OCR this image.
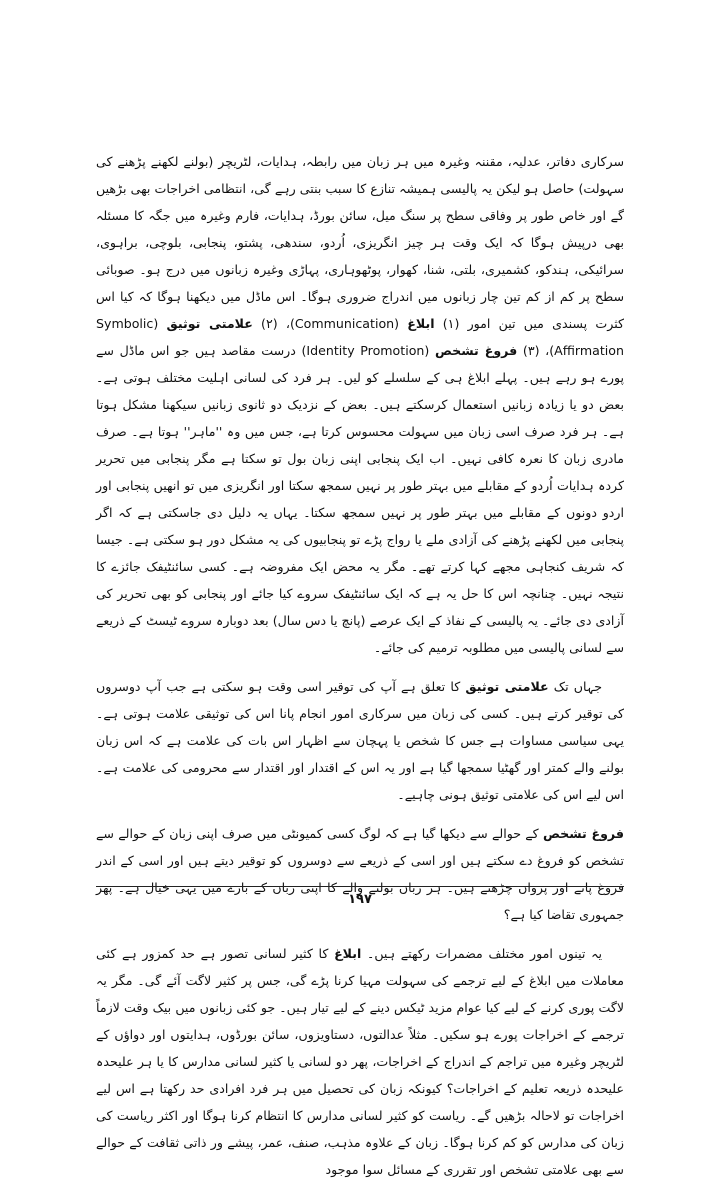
سرکاری دفاتر، عدلیہ، مقننہ وغیرہ میں ہر زبان میں رابطہ، ہدایات، لٹریچر (بولنے لکھنے پڑھنے کی سہولت) حاصل ہو لیکن یہ پالیسی ہمیشہ تنازع کا سبب بنتی رہے گی، انتظامی اخراجات بھی بڑھیں گے اور خاص طور پر وفاقی سطح پر سنگ میل، سائن بورڈ، ہدایات، فارم وغیرہ میں جگہ کا مسئلہ بھی درپیش ہوگا کہ ایک وقت ہر چیز انگریزی، اُردو، سندھی، پشتو، پنجابی، بلوچی، براہوی، سرائیکی، ہندکو، کشمیری، بلتی، شنا، کھوار، پوٹھوہاری، پہاڑی وغیرہ زبانوں میں درج ہو۔ صوبائی سطح پر کم از کم تین چار زبانوں میں اندراج ضروری ہوگا۔ اس ماڈل میں دیکھنا ہوگا کہ کیا اس کثرت پسندی میں تین امور (۱) ابلاغ (Communication)، (۲) علامتی توثیق (Symbolic Affirmation)، (۳) فروغ تشخص (Identity Promotion) درست مقاصد ہیں جو اس ماڈل سے پورے ہو رہے ہیں۔ پہلے ابلاغ ہی کے سلسلے کو لیں۔ ہر فرد کی لسانی اہلیت مختلف ہوتی ہے۔ بعض دو یا زیادہ زبانیں استعمال کرسکتے ہیں۔ بعض کے نزدیک دو ثانوی زبانیں سیکھنا مشکل ہوتا ہے۔ ہر فرد صرف اسی زبان میں سہولت محسوس کرتا ہے، جس میں وہ ''ماہر'' ہوتا ہے۔ صرف مادری زبان کا نعرہ کافی نہیں۔ اب ایک پنجابی اپنی زبان بول تو سکتا ہے مگر پنجابی میں تحریر کردہ ہدایات اُردو کے مقابلے میں بہتر طور پر نہیں سمجھ سکتا اور انگریزی میں تو انھیں پنجابی اور اردو دونوں کے مقابلے میں بہتر طور پر نہیں سمجھ سکتا۔ یہاں یہ دلیل دی جاسکتی ہے کہ اگر پنجابی میں لکھنے پڑھنے کی آزادی ملے یا رواج پڑے تو پنجابیوں کی یہ مشکل دور ہو سکتی ہے۔ جیسا کہ شریف کنجاہی مجھے کہا کرتے تھے۔ مگر یہ محض ایک مفروضہ ہے۔ کسی سائنٹیفک جائزے کا نتیجہ نہیں۔ چنانچہ اس کا حل یہ ہے کہ ایک سائنٹیفک سروے کیا جائے اور پنجابی کو بھی تحریر کی آزادی دی جائے۔ یہ پالیسی کے نفاذ کے ایک عرصے (پانچ یا دس سال) بعد دوبارہ سروے ٹیسٹ کے ذریعے سے لسانی پالیسی میں مطلوبہ ترمیم کی جائے۔

جہاں تک علامتی توثیق کا تعلق ہے آپ کی توقیر اسی وقت ہو سکتی ہے جب آپ دوسروں کی توقیر کرتے ہیں۔ کسی کی زبان میں سرکاری امور انجام پانا اس کی توثیقی علامت ہوتی ہے۔ یہی سیاسی مساوات ہے جس کا شخص یا پہچان سے اظہار اس بات کی علامت ہے کہ اس زبان بولنے والے کمتر اور گھٹیا سمجھا گیا ہے اور یہ اس کے اقتدار اور اقتدار سے محرومی کی علامت ہے۔ اس لیے اس کی علامتی توثیق ہونی چاہیے۔

فروغ تشخص کے حوالے سے دیکھا گیا ہے کہ لوگ کسی کمیونٹی میں صرف اپنی زبان کے حوالے سے تشخص کو فروغ دے سکتے ہیں اور اسی کے ذریعے سے دوسروں کو توقیر دیتے ہیں اور اسی کے اندر فروغ پاتے اور پروان چڑھتے ہیں۔ ہر زبان بولنے والے کا اپنی زبان کے بارے میں یہی خیال ہے۔ پھر جمہوری تقاضا کیا ہے؟

یہ تینوں امور مختلف مضمرات رکھتے ہیں۔ ابلاغ کا کثیر لسانی تصور ہے حد کمزور ہے کئی معاملات میں ابلاغ کے لیے ترجمے کی سہولت مہیا کرنا پڑے گی، جس پر کثیر لاگت آئے گی۔ مگر یہ لاگت پوری کرنے کے لیے کیا عوام مزید ٹیکس دینے کے لیے تیار ہیں۔ جو کئی زبانوں میں بیک وقت لازماً ترجمے کے اخراجات پورے ہو سکیں۔ مثلاً عدالتوں، دستاویزوں، سائن بورڈوں، ہدایتوں اور دواؤں کے لٹریچر وغیرہ میں تراجم کے اندراج کے اخراجات، پھر دو لسانی یا کثیر لسانی مدارس کا یا ہر علیحدہ علیحدہ ذریعہ تعلیم کے اخراجات؟ کیونکہ زبان کی تحصیل میں ہر فرد افرادی حد رکھتا ہے اس لیے اخراجات تو لاحالہ بڑھیں گے۔ ریاست کو کثیر لسانی مدارس کا انتظام کرنا ہوگا اور اکثر ریاست کی زبان کی مدارس کو کم کرنا ہوگا۔ زبان کے علاوہ مذہب، صنف، عمر، پیشے ور ذاتی ثقافت کے حوالے سے بھی علامتی تشخص اور تقرری کے مسائل سوا موجود

۱۹۷
